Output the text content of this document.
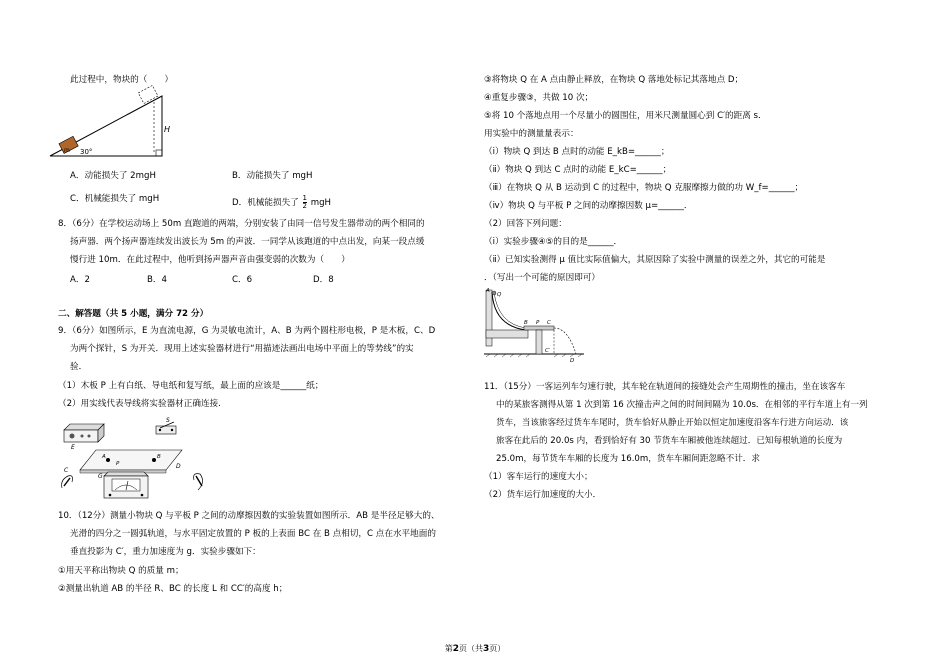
此过程中，物块的（　　）
m
H
30°
A．动能损失了 2mgH	B．动能损失了 mgH
C．机械能损失了 mgH	D．机械能损失了 $\frac{1}{2}$ mgH
8．（6分）在学校运动场上 50m 直跑道的两端，分别安装了由同一信号发生器带动的两个相同的
扬声器．两个扬声器连续发出波长为 5m 的声波．一同学从该跑道的中点出发，向某一段点缓
慢行进 10m．在此过程中，他听到扬声器声音由强变弱的次数为（　　）
A．2	B．4	C．6	D．8
二、解答题（共 5 小题，满分 72 分）
9．（6分）如图所示，E 为直流电源，G 为灵敏电流计，A、B 为两个圆柱形电极，P 是木板，C、D
为两个探针，S 为开关．现用上述实验器材进行“用描迹法画出电场中平面上的等势线”的实
验．
（1）木板 P 上有白纸、导电纸和复写纸，最上面的应该是______纸；
（2）用实线代表导线将实验器材正确连接.
E
S
A	B
P
G
C
D
10．（12分）测量小物块 Q 与平板 P 之间的动摩擦因数的实验装置如图所示．AB 是半径足够大的、
光滑的四分之一圆弧轨道，与水平固定放置的 P 板的上表面 BC 在 B 点相切，C 点在水平地面的
垂直投影为 C′，重力加速度为 g．实验步骤如下：
①用天平称出物块 Q 的质量 m；
②测量出轨道 AB 的半径 R、BC 的长度 L 和 CC′的高度 h；
③将物块 Q 在 A 点由静止释放，在物块 Q 落地处标记其落地点 D；
④重复步骤③，共做 10 次；
⑤将 10 个落地点用一个尽量小的圆围住，用米尺测量圆心到 C′的距离 s．
用实验中的测量量表示：
（ⅰ）物块 Q 到达 B 点时的动能 E_kB=______；
（ⅱ）物块 Q 到达 C 点时的动能 E_kC=______；
（ⅲ）在物块 Q 从 B 运动到 C 的过程中，物块 Q 克服摩擦力做的功 W_f=______；
（ⅳ）物块 Q 与平板 P 之间的动摩擦因数 μ=______．
（2）回答下列问题：
（ⅰ）实验步骤④⑤的目的是______．
（ⅱ）已知实验测得 μ 值比实际值偏大，其原因除了实验中测量的误差之外，其它的可能是
．（写出一个可能的原因即可）
A
Q
B P C
C′
D
11．（15分）一客运列车匀速行驶，其车轮在轨道间的接缝处会产生周期性的撞击，坐在该客车
中的某旅客测得从第 1 次到第 16 次撞击声之间的时间间隔为 10.0s．在相邻的平行车道上有一列
货车，当该旅客经过货车车尾时，货车恰好从静止开始以恒定加速度沿客车行进方向运动．该
旅客在此后的 20.0s 内，看到恰好有 30 节货车车厢被他连续超过．已知每根轨道的长度为
25.0m，每节货车车厢的长度为 16.0m，货车车厢间距忽略不计．求
（1）客车运行的速度大小；
（2）货车运行加速度的大小．
第2页（共3页）
